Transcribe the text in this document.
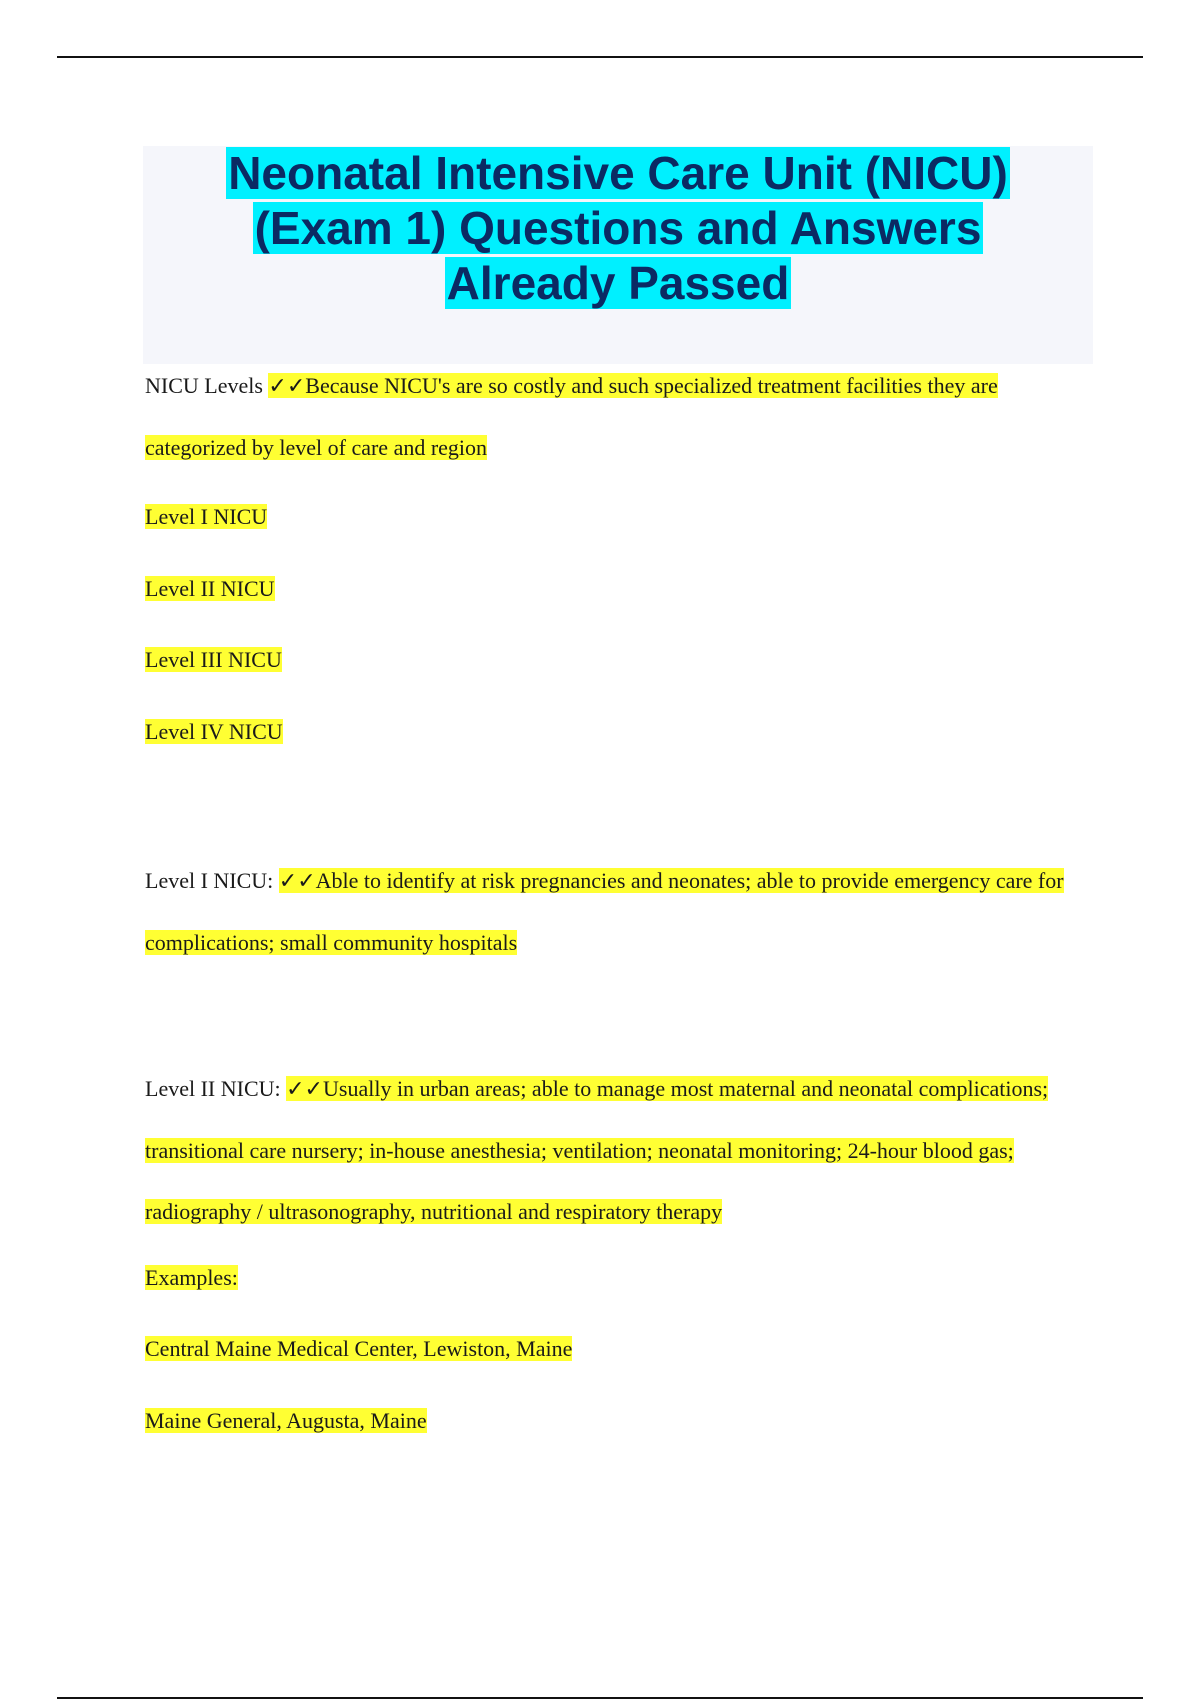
Neonatal Intensive Care Unit (NICU)
(Exam 1) Questions and Answers
Already Passed

NICU Levels ✓✓Because NICU's are so costly and such specialized treatment facilities they are categorized by level of care and region

Level I NICU

Level II NICU

Level III NICU

Level IV NICU

Level I NICU: ✓✓Able to identify at risk pregnancies and neonates; able to provide emergency care for complications; small community hospitals

Level II NICU: ✓✓Usually in urban areas; able to manage most maternal and neonatal complications; transitional care nursery; in-house anesthesia; ventilation; neonatal monitoring; 24-hour blood gas; radiography / ultrasonography, nutritional and respiratory therapy

Examples:

Central Maine Medical Center, Lewiston, Maine

Maine General, Augusta, Maine
